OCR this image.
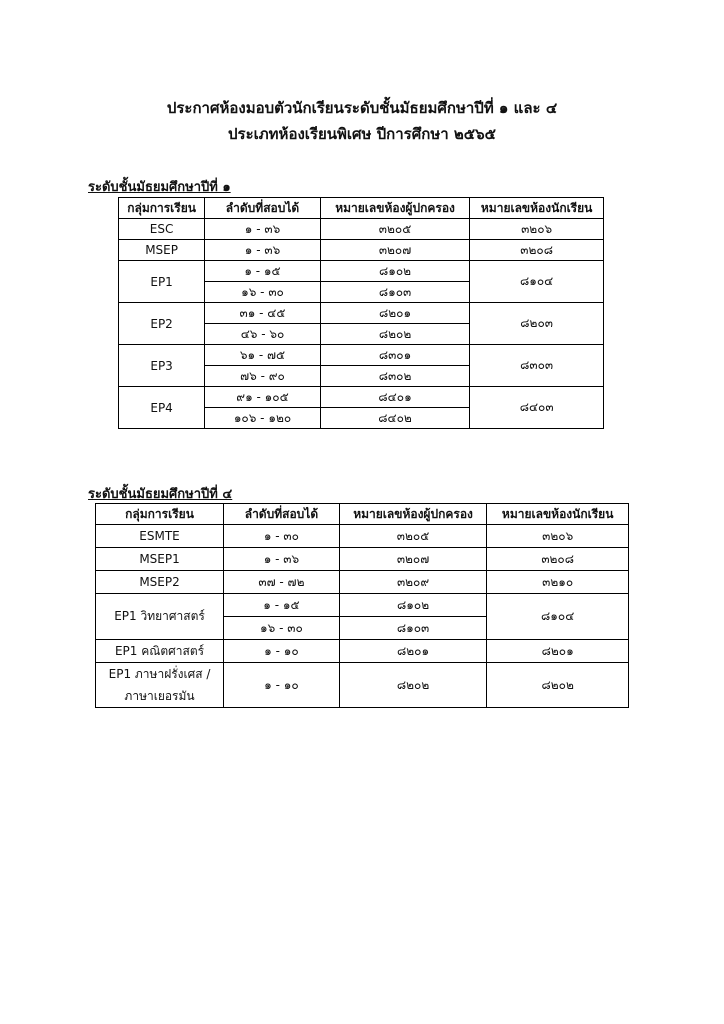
ประกาศห้องมอบตัวนักเรียนระดับชั้นมัธยมศึกษาปีที่ ๑ และ ๔
ประเภทห้องเรียนพิเศษ ปีการศึกษา ๒๕๖๕
ระดับชั้นมัธยมศึกษาปีที่ ๑
กลุ่มการเรียน	ลำดับที่สอบได้	หมายเลขห้องผู้ปกครอง	หมายเลขห้องนักเรียน
ESC	๑ - ๓๖	๓๒๐๕	๓๒๐๖
MSEP	๑ - ๓๖	๓๒๐๗	๓๒๐๘
EP1	๑ - ๑๕	๘๑๐๒	๘๑๐๔
	๑๖ - ๓๐	๘๑๐๓	
EP2	๓๑ - ๔๕	๘๒๐๑	๘๒๐๓
	๔๖ - ๖๐	๘๒๐๒	
EP3	๖๑ - ๗๕	๘๓๐๑	๘๓๐๓
	๗๖ - ๙๐	๘๓๐๒	
EP4	๙๑ - ๑๐๕	๘๔๐๑	๘๔๐๓
	๑๐๖ - ๑๒๐	๘๔๐๒	
ระดับชั้นมัธยมศึกษาปีที่ ๔
กลุ่มการเรียน	ลำดับที่สอบได้	หมายเลขห้องผู้ปกครอง	หมายเลขห้องนักเรียน
ESMTE	๑ - ๓๐	๓๒๐๕	๓๒๐๖
MSEP1	๑ - ๓๖	๓๒๐๗	๓๒๐๘
MSEP2	๓๗ - ๗๒	๓๒๐๙	๓๒๑๐
EP1 วิทยาศาสตร์	๑ - ๑๕	๘๑๐๒	๘๑๐๔
	๑๖ - ๓๐	๘๑๐๓	
EP1 คณิตศาสตร์	๑ - ๑๐	๘๒๐๑	๘๒๐๑
EP1 ภาษาฝรั่งเศส / ภาษาเยอรมัน	๑ - ๑๐	๘๒๐๒	๘๒๐๒
